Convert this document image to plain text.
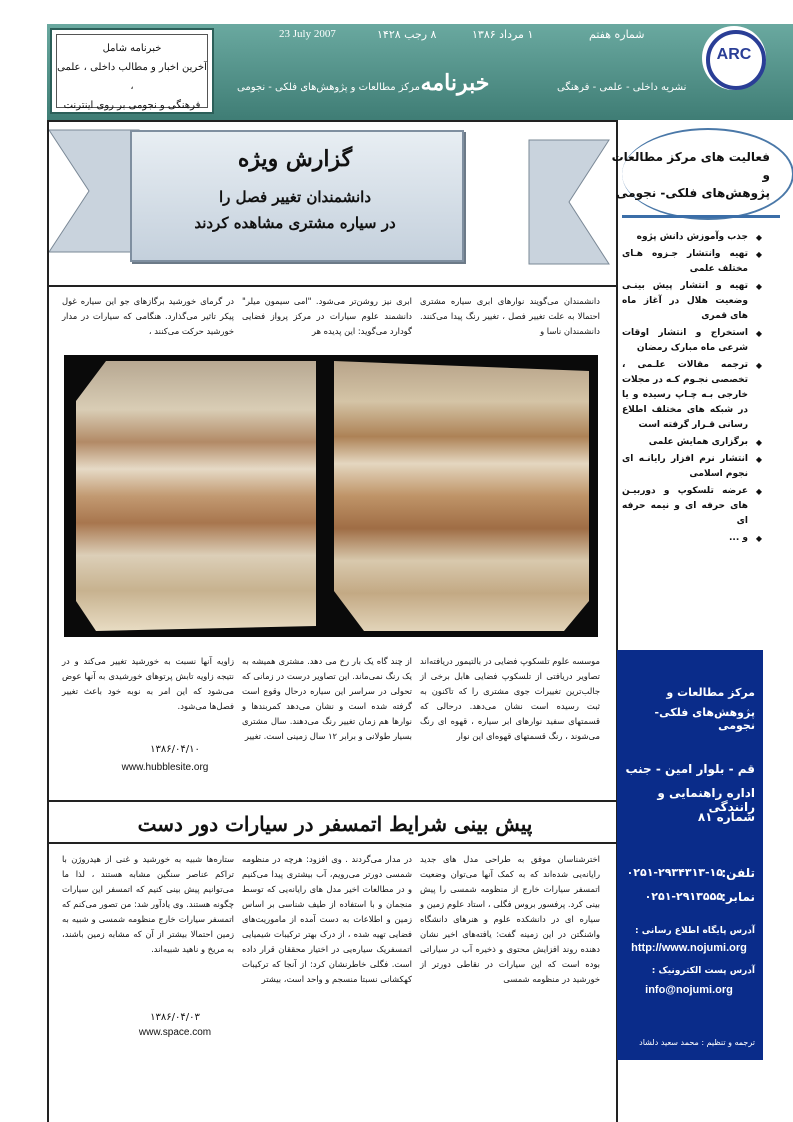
شماره هفتم
۱ مرداد ۱۳۸۶
۸ رجب ۱۴۲۸
23 July 2007
نشریه داخلی - علمی - فرهنگی
مرکز مطالعات و پژوهش‌های فلکی - نجومی خبرنامه
خبرنامه شامل
آخرین اخبار و مطالب داخلی ، علمی ،
فرهنگی و نجومی بر روی اینترنت
ARC
گزارش ویژه
دانشمندان تغییر فصل را
در سیاره مشتری مشاهده کردند
دانشمندان می‌گویند نوارهای ابری سیاره مشتری احتمالا به علت تغییر فصل ، تغییر رنگ پیدا می‌کنند. دانشمندان ناسا و
ابری نیز روشن‌تر می‌شود. "امی سیمون میلر" دانشمند علوم سیارات در مرکز پرواز فضایی گودارد می‌گوید: این پدیده هر
در گرمای خورشید برگازهای جو این سیاره غول پیکر تاثیر می‌گذارد. هنگامی که سیارات در مدار خورشید حرکت می‌کنند ،
موسسه علوم تلسکوپ فضایی در بالتیمور دریافته‌اند تصاویر دریافتی از تلسکوپ فضایی هابل برخی از جالب‌ترین تغییرات جوی مشتری را که تاکنون به ثبت رسیده است نشان می‌دهد. درحالی که قسمتهای سفید نوارهای ابر سیاره ، قهوه ای رنگ می‌شوند ، رنگ قسمتهای قهوه‌ای این نوار
از چند گاه یک بار رخ می دهد. مشتری همیشه به یک رنگ نمی‌ماند. این تصاویر درست در زمانی که تحولی در سراسر این سیاره درحال وقوع است گرفته شده است و نشان می‌دهد کمربندها و نوارها هم زمان تغییر رنگ می‌دهند. سال مشتری بسیار طولانی و برابر ۱۲ سال زمینی است. تغییر
زاویه آنها نسبت به خورشید تغییر می‌کند و در نتیجه زاویه تابش پرتوهای خورشیدی به آنها عوض می‌شود که این امر به نوبه خود باعث تغییر فصل‌ها می‌شود.
۱۳۸۶/۰۴/۱۰
www.hubblesite.org
پیش بینی شرایط اتمسفر در سیارات دور دست
اخترشناسان موفق به طراحی مدل های جدید رایانه‌یی شده‌اند که به کمک آنها می‌توان وضعیت اتمسفر سیارات خارج از منظومه شمسی را پیش بینی کرد. پرفسور بروس فگلی ، استاد علوم زمین و سیاره ای در دانشکده علوم و هنرهای دانشگاه واشنگتن در این زمینه گفت: یافته‌های اخیر نشان دهنده روند افزایش محتوی و ذخیره آب در سیاراتی بوده است که این سیارات در نقاطی دورتر از خورشید در منظومه شمسی
در مدار می‌گردند . وی افزود: هرچه در منظومه شمسی دورتر می‌رویم، آب بیشتری پیدا می‌کنیم و در مطالعات اخیر مدل های رایانه‌یی که توسط منجمان و با استفاده از طیف شناسی بر اساس زمین و اطلاعات به دست آمده از ماموریت‌های فضایی تهیه شده ، از درک بهتر ترکیبات شیمیایی اتمسفریک سیاره‌یی در اختیار محققان قرار داده است. فگلی خاطرنشان کرد: از آنجا که ترکیبات کهکشانی نسبتا منسجم و واحد است، بیشتر
ستاره‌ها شبیه به خورشید و غنی از هیدروژن با تراکم عناصر سنگین مشابه هستند ، لذا ما می‌توانیم پیش بینی کنیم که اتمسفر این سیارات چگونه هستند. وی یادآور شد: من تصور می‌کنم که اتمسفر سیارات خارج منظومه شمسی و شبیه به زمین احتمالا بیشتر از آن که مشابه زمین باشند، به مریخ و ناهید شبیه‌اند.
۱۳۸۶/۰۴/۰۳
www.space.com
فعالیت های مرکز مطالعات و
پژوهش‌های فلکی- نجومی
◆ جذب وآموزش دانش پژوه
◆ تهیه وانتشار جـزوه هـای مختلف علمی
◆ تهیه و انتشار پیش بینـی وضعیت هلال در آغاز ماه های قمری
◆ استخراج و انتشار اوقات شرعی ماه مبارک رمضان
◆ ترجمه مقالات علـمی ، تخصصی نجـوم کـه در مجلات خارجی بـه چـاپ رسیده و یا در شبکه های مختلف اطلاع رسانی قـرار گرفته است
◆ برگزاری همایش علمی
◆ انتشار نرم افزار رایانـه ای نجوم اسلامی
◆ عرضه تلسکوپ و دوربیـن های حرفه ای و نیمه حرفه ای
◆ و ...
مرکز مطالعات و
پژوهش‌های فلکی- نجومی
قم - بلوار امین - جنب
اداره راهنمایی و رانندگی
شماره ۸۱
تلفن:
۰۲۵۱-۲۹۳۴۳۱۳-۱۵
نمابر:
۰۲۵۱-۲۹۱۳۵۵۵
آدرس پایگاه اطلاع رسانی :
http://www.nojumi.org
آدرس پست الکترونیک :
info@nojumi.org
ترجمه و تنظیم : محمد سعید دلشاد
